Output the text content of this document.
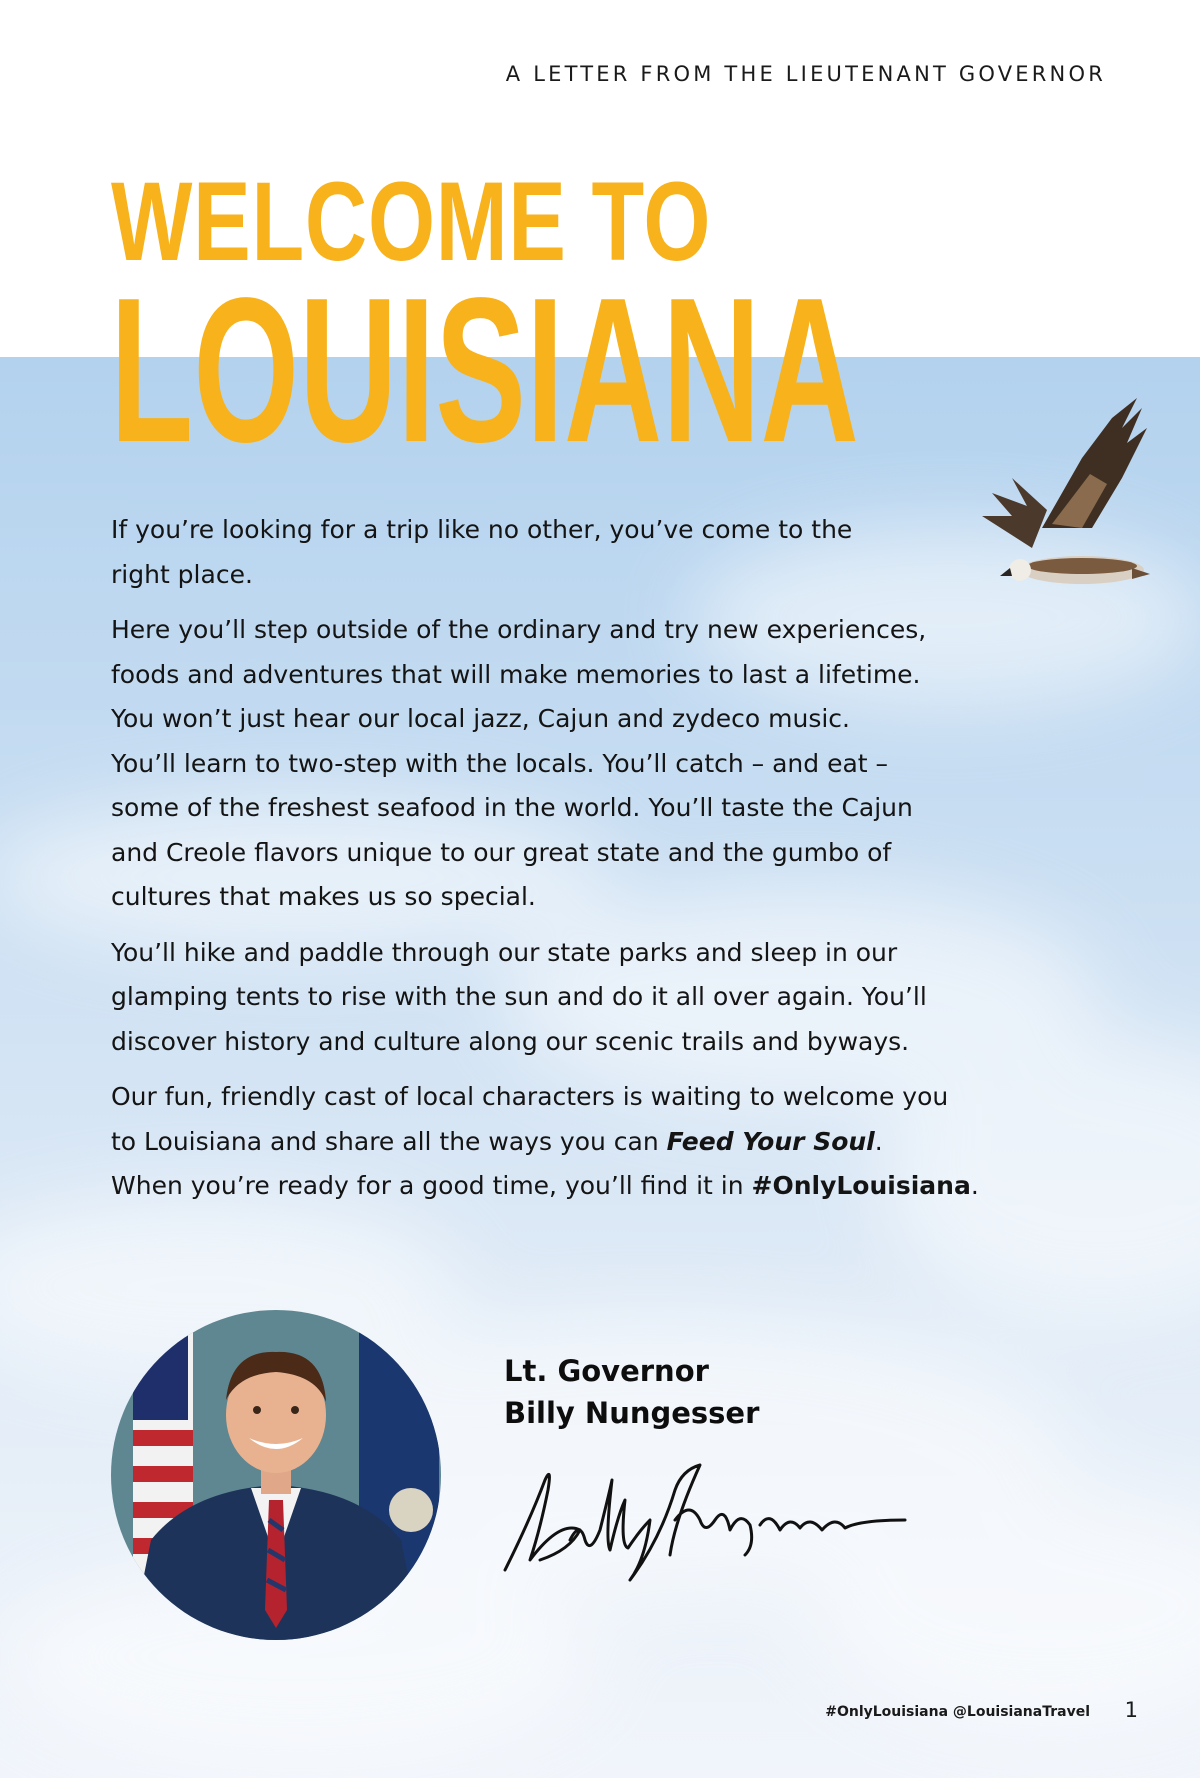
A LETTER FROM THE LIEUTENANT GOVERNOR
WELCOME TO
LOUISIANA

If you’re looking for a trip like no other, you’ve come to the
right place.

Here you’ll step outside of the ordinary and try new experiences,
foods and adventures that will make memories to last a lifetime.
You won’t just hear our local jazz, Cajun and zydeco music.
You’ll learn to two-step with the locals. You’ll catch – and eat –
some of the freshest seafood in the world. You’ll taste the Cajun
and Creole flavors unique to our great state and the gumbo of
cultures that makes us so special.

You’ll hike and paddle through our state parks and sleep in our
glamping tents to rise with the sun and do it all over again. You’ll
discover history and culture along our scenic trails and byways.

Our fun, friendly cast of local characters is waiting to welcome you
to Louisiana and share all the ways you can Feed Your Soul.
When you’re ready for a good time, you’ll find it in #OnlyLouisiana.

Lt. Governor
Billy Nungesser
#OnlyLouisiana @LouisianaTravel 1
